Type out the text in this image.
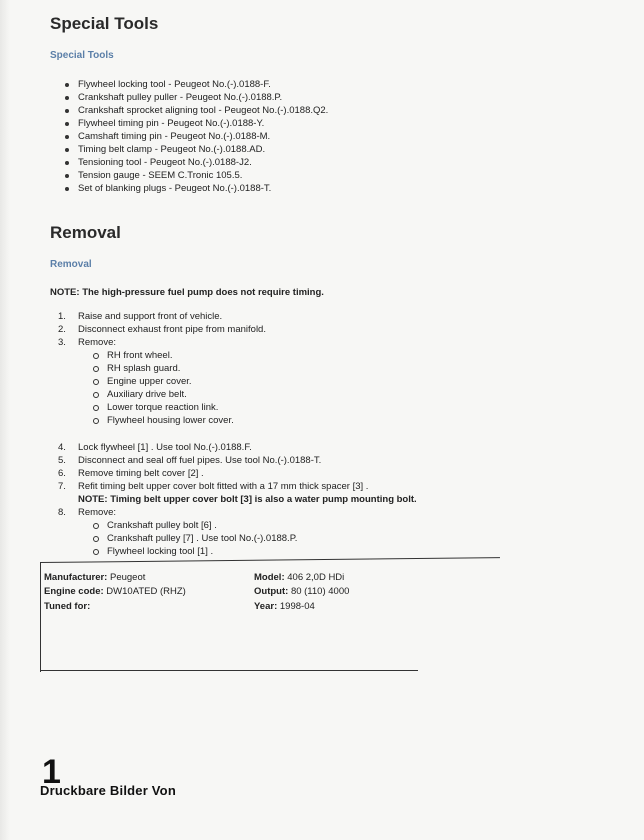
Special Tools
Special Tools
Flywheel locking tool - Peugeot No.(-).0188-F.
Crankshaft pulley puller - Peugeot No.(-).0188.P.
Crankshaft sprocket aligning tool - Peugeot No.(-).0188.Q2.
Flywheel timing pin - Peugeot No.(-).0188-Y.
Camshaft timing pin - Peugeot No.(-).0188-M.
Timing belt clamp - Peugeot No.(-).0188.AD.
Tensioning tool - Peugeot No.(-).0188-J2.
Tension gauge - SEEM C.Tronic 105.5.
Set of blanking plugs - Peugeot No.(-).0188-T.
Removal
Removal
NOTE: The high-pressure fuel pump does not require timing.
1. Raise and support front of vehicle.
2. Disconnect exhaust front pipe from manifold.
3. Remove:
RH front wheel.
RH splash guard.
Engine upper cover.
Auxiliary drive belt.
Lower torque reaction link.
Flywheel housing lower cover.
4. Lock flywheel [1] . Use tool No.(-).0188.F.
5. Disconnect and seal off fuel pipes. Use tool No.(-).0188-T.
6. Remove timing belt cover [2] .
7. Refit timing belt upper cover bolt fitted with a 17 mm thick spacer [3] .
NOTE: Timing belt upper cover bolt [3] is also a water pump mounting bolt.
8. Remove:
Crankshaft pulley bolt [6] .
Crankshaft pulley [7] . Use tool No.(-).0188.P.
Flywheel locking tool [1] .
Manufacturer: Peugeot
Engine code: DW10ATED (RHZ)
Tuned for:
Model: 406 2,0D HDi
Output: 80 (110) 4000
Year: 1998-04
1
Druckbare Bilder Von
